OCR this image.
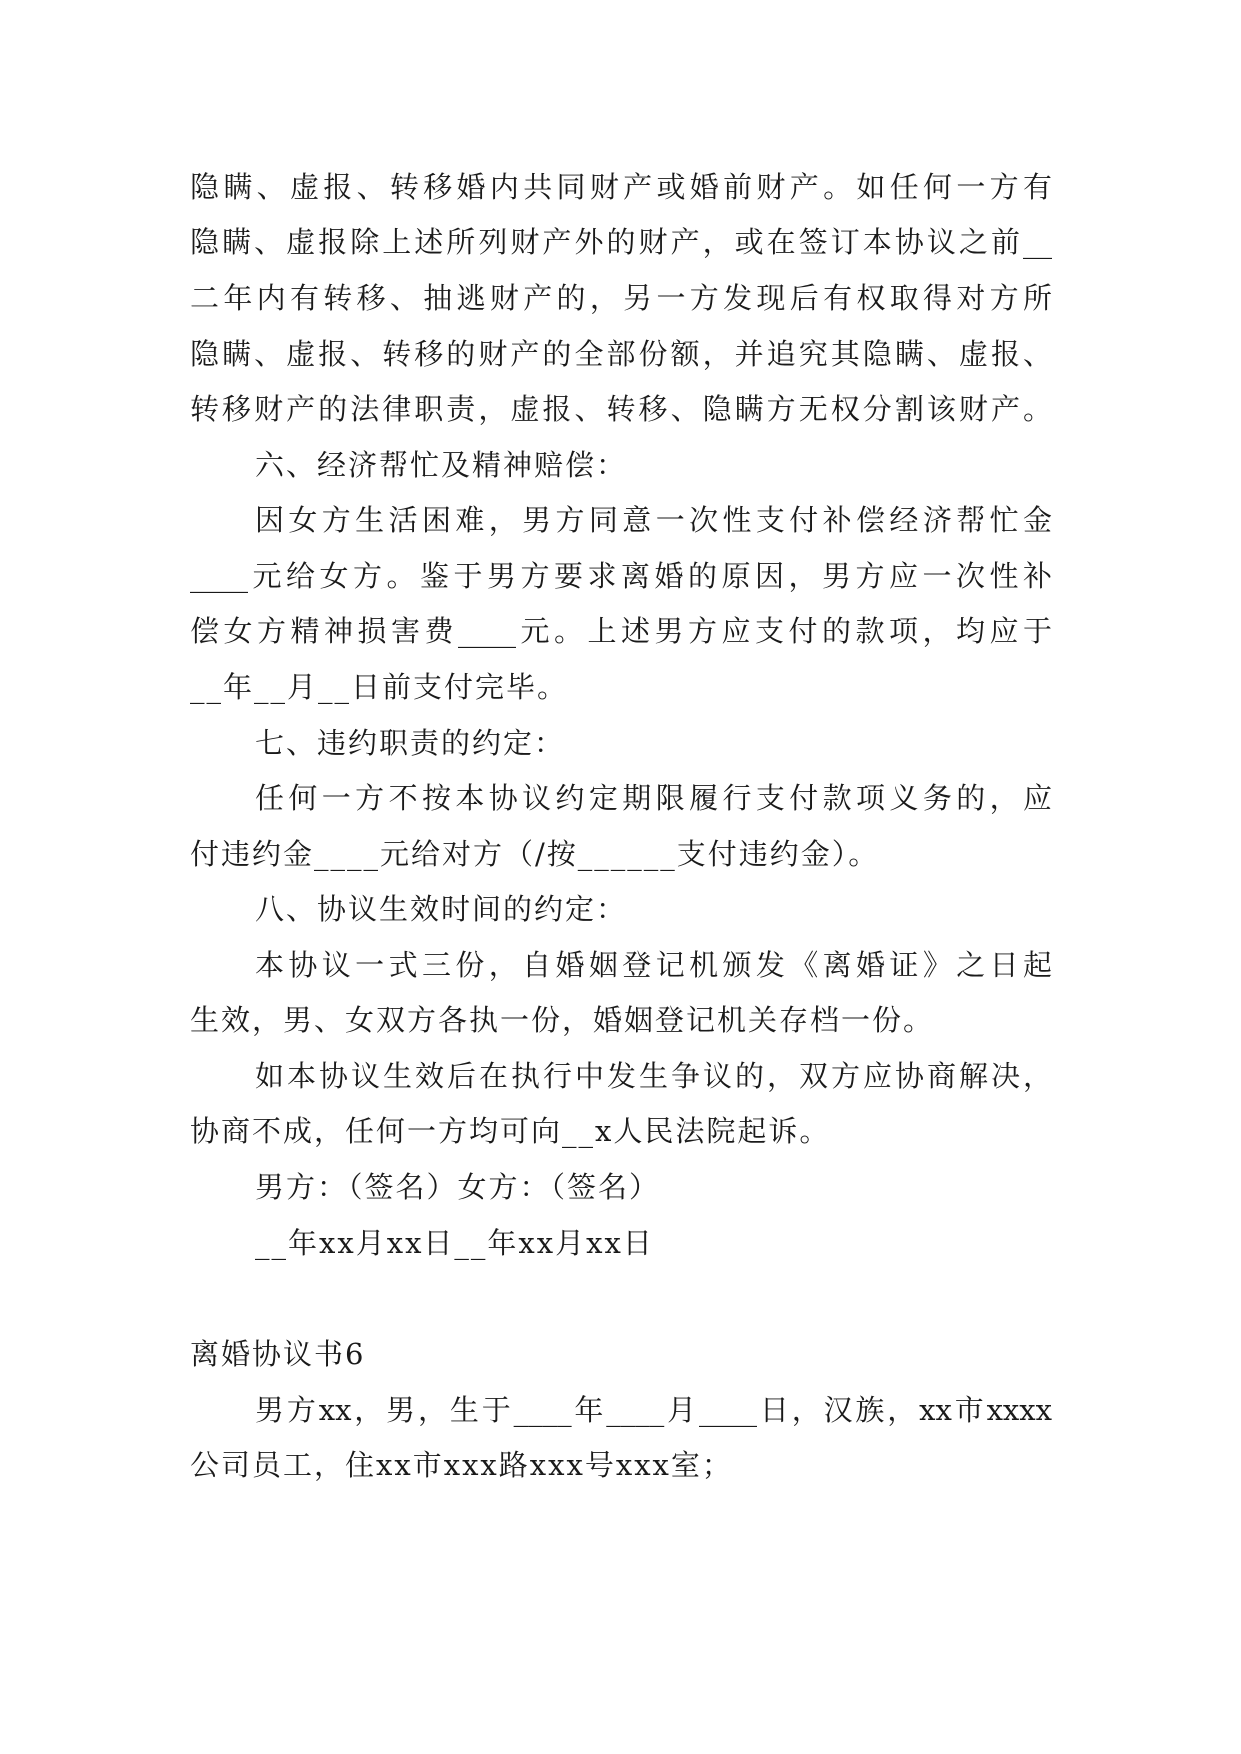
隐瞒、虚报、转移婚内共同财产或婚前财产。如任何一方有
隐瞒、虚报除上述所列财产外的财产，或在签订本协议之前__
二年内有转移、抽逃财产的，另一方发现后有权取得对方所
隐瞒、虚报、转移的财产的全部份额，并追究其隐瞒、虚报、
转移财产的法律职责，虚报、转移、隐瞒方无权分割该财产。
六、经济帮忙及精神赔偿：
因女方生活困难，男方同意一次性支付补偿经济帮忙金
____元给女方。鉴于男方要求离婚的原因，男方应一次性补
偿女方精神损害费____元。上述男方应支付的款项，均应于
__年__月__日前支付完毕。
七、违约职责的约定：
任何一方不按本协议约定期限履行支付款项义务的，应
付违约金____元给对方（/按______支付违约金）。
八、协议生效时间的约定：
本协议一式三份，自婚姻登记机颁发《离婚证》之日起
生效，男、女双方各执一份，婚姻登记机关存档一份。
如本协议生效后在执行中发生争议的，双方应协商解决，
协商不成，任何一方均可向__x人民法院起诉。
男方：（签名）女方：（签名）
__年xx月xx日__年xx月xx日
离婚协议书6
男方xx，男，生于____年____月____日，汉族，xx市xxxx
公司员工，住xx市xxx路xxx号xxx室；
